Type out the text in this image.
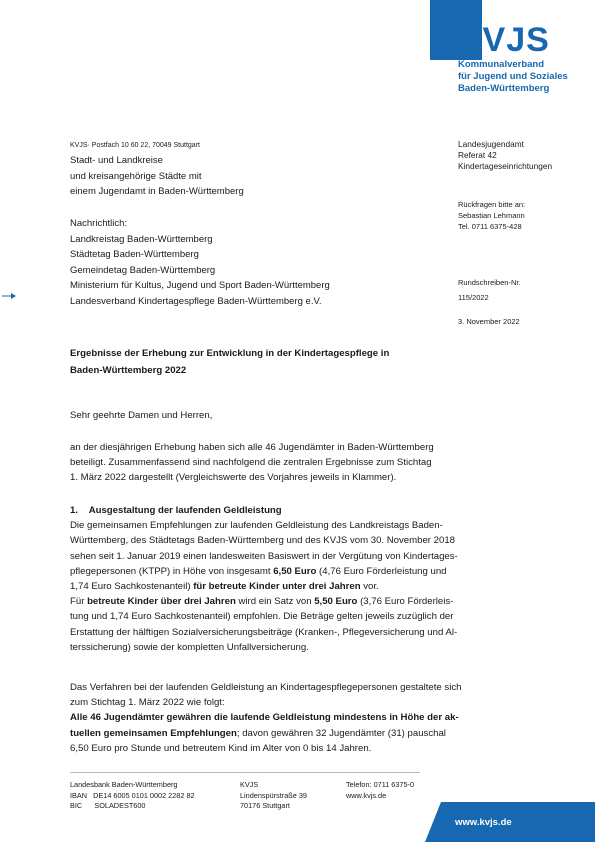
KVJS
Kommunalverband
für Jugend und Soziales
Baden-Württemberg
KVJS· Postfach 10 60 22, 70049 Stuttgart
Stadt- und Landkreise
und kreisangehörige Städte mit
einem Jugendamt in Baden-Württemberg
Nachrichtlich:
Landkreistag Baden-Württemberg
Städtetag Baden-Württemberg
Gemeindetag Baden-Württemberg
Ministerium für Kultus, Jugend und Sport Baden-Württemberg
Landesverband Kindertagespflege Baden-Württemberg e.V.
Landesjugendamt
Referat 42
Kindertageseinrichtungen
Rückfragen bitte an:
Sebastian Lehmann
Tel. 0711 6375-428
Rundschreiben-Nr.
115/2022
3. November 2022
Ergebnisse der Erhebung zur Entwicklung in der Kindertagespflege in
Baden-Württemberg 2022
Sehr geehrte Damen und Herren,
an der diesjährigen Erhebung haben sich alle 46 Jugendämter in Baden-Württemberg
beteiligt. Zusammenfassend sind nachfolgend die zentralen Ergebnisse zum Stichtag
1. März 2022 dargestellt (Vergleichswerte des Vorjahres jeweils in Klammer).
1. Ausgestaltung der laufenden Geldleistung
Die gemeinsamen Empfehlungen zur laufenden Geldleistung des Landkreistags Baden-
Württemberg, des Städtetags Baden-Württemberg und des KVJS vom 30. November 2018
sehen seit 1. Januar 2019 einen landesweiten Basiswert in der Vergütung von Kindertages-
pflegepersonen (KTPP) in Höhe von insgesamt 6,50 Euro (4,76 Euro Förderleistung und
1,74 Euro Sachkostenanteil) für betreute Kinder unter drei Jahren vor.
Für betreute Kinder über drei Jahren wird ein Satz von 5,50 Euro (3,76 Euro Förderleis-
tung und 1,74 Euro Sachkostenanteil) empfohlen. Die Beträge gelten jeweils zuzüglich der
Erstattung der hälftigen Sozialversicherungsbeiträge (Kranken-, Pflegeversicherung und Al-
terssicherung) sowie der kompletten Unfallversicherung.
Das Verfahren bei der laufenden Geldleistung an Kindertagespflegepersonen gestaltete sich
zum Stichtag 1. März 2022 wie folgt:
Alle 46 Jugendämter gewähren die laufende Geldleistung mindestens in Höhe der ak-
tuellen gemeinsamen Empfehlungen; davon gewähren 32 Jugendämter (31) pauschal
6,50 Euro pro Stunde und betreutem Kind im Alter von 0 bis 14 Jahren.
Landesbank Baden-Württemberg
IBAN DE14 6005 0101 0002 2282 82
BIC SOLADEST600
KVJS
Lindenspürstraße 39
70176 Stuttgart
Telefon: 0711 6375-0
www.kvjs.de
www.kvjs.de
